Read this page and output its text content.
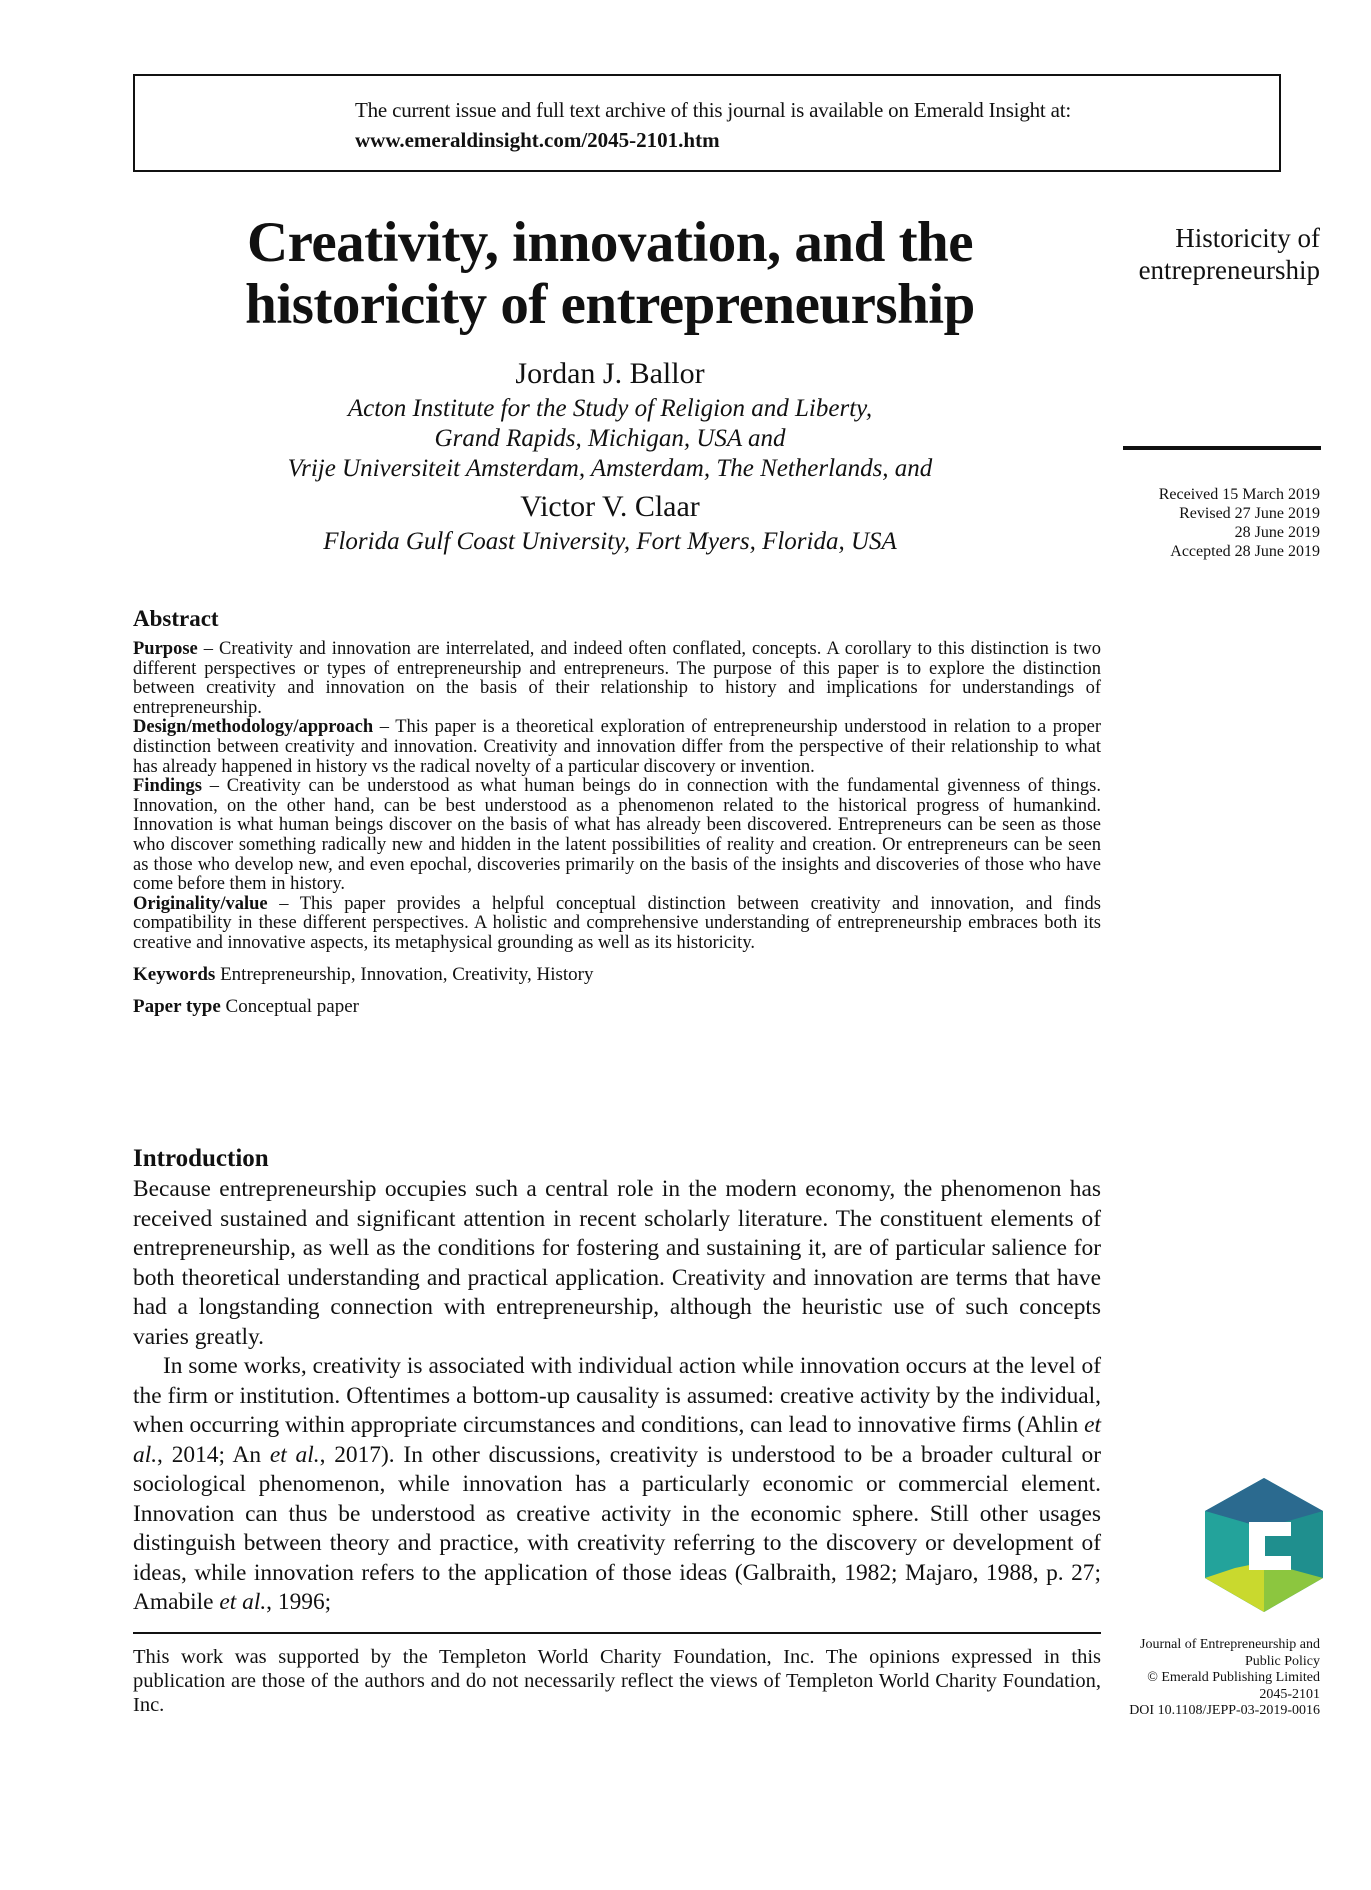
The current issue and full text archive of this journal is available on Emerald Insight at:
www.emeraldinsight.com/2045-2101.htm
Creativity, innovation, and the
historicity of entrepreneurship
Jordan J. Ballor
Acton Institute for the Study of Religion and Liberty,
Grand Rapids, Michigan, USA and
Vrije Universiteit Amsterdam, Amsterdam, The Netherlands, and
Victor V. Claar
Florida Gulf Coast University, Fort Myers, Florida, USA
Historicity of
entrepreneurship
Received 15 March 2019
Revised 27 June 2019
28 June 2019
Accepted 28 June 2019
Abstract

Purpose – Creativity and innovation are interrelated, and indeed often conflated, concepts. A corollary to this distinction is two different perspectives or types of entrepreneurship and entrepreneurs. The purpose of this paper is to explore the distinction between creativity and innovation on the basis of their relationship to history and implications for understandings of entrepreneurship.

Design/methodology/approach – This paper is a theoretical exploration of entrepreneurship understood in relation to a proper distinction between creativity and innovation. Creativity and innovation differ from the perspective of their relationship to what has already happened in history vs the radical novelty of a particular discovery or invention.

Findings – Creativity can be understood as what human beings do in connection with the fundamental givenness of things. Innovation, on the other hand, can be best understood as a phenomenon related to the historical progress of humankind. Innovation is what human beings discover on the basis of what has already been discovered. Entrepreneurs can be seen as those who discover something radically new and hidden in the latent possibilities of reality and creation. Or entrepreneurs can be seen as those who develop new, and even epochal, discoveries primarily on the basis of the insights and discoveries of those who have come before them in history.

Originality/value – This paper provides a helpful conceptual distinction between creativity and innovation, and finds compatibility in these different perspectives. A holistic and comprehensive understanding of entrepreneurship embraces both its creative and innovative aspects, its metaphysical grounding as well as its historicity.

Keywords Entrepreneurship, Innovation, Creativity, History

Paper type Conceptual paper

Introduction

Because entrepreneurship occupies such a central role in the modern economy, the phenomenon has received sustained and significant attention in recent scholarly literature. The constituent elements of entrepreneurship, as well as the conditions for fostering and sustaining it, are of particular salience for both theoretical understanding and practical application. Creativity and innovation are terms that have had a longstanding connection with entrepreneurship, although the heuristic use of such concepts varies greatly.

In some works, creativity is associated with individual action while innovation occurs at the level of the firm or institution. Oftentimes a bottom-up causality is assumed: creative activity by the individual, when occurring within appropriate circumstances and conditions, can lead to innovative firms (Ahlin et al., 2014; An et al., 2017). In other discussions, creativity is understood to be a broader cultural or sociological phenomenon, while innovation has a particularly economic or commercial element. Innovation can thus be understood as creative activity in the economic sphere. Still other usages distinguish between theory and practice, with creativity referring to the discovery or development of ideas, while innovation refers to the application of those ideas (Galbraith, 1982; Majaro, 1988, p. 27; Amabile et al., 1996;

This work was supported by the Templeton World Charity Foundation, Inc. The opinions expressed in this publication are those of the authors and do not necessarily reflect the views of Templeton World Charity Foundation, Inc.
Journal of Entrepreneurship and
Public Policy
© Emerald Publishing Limited
2045-2101
DOI 10.1108/JEPP-03-2019-0016
